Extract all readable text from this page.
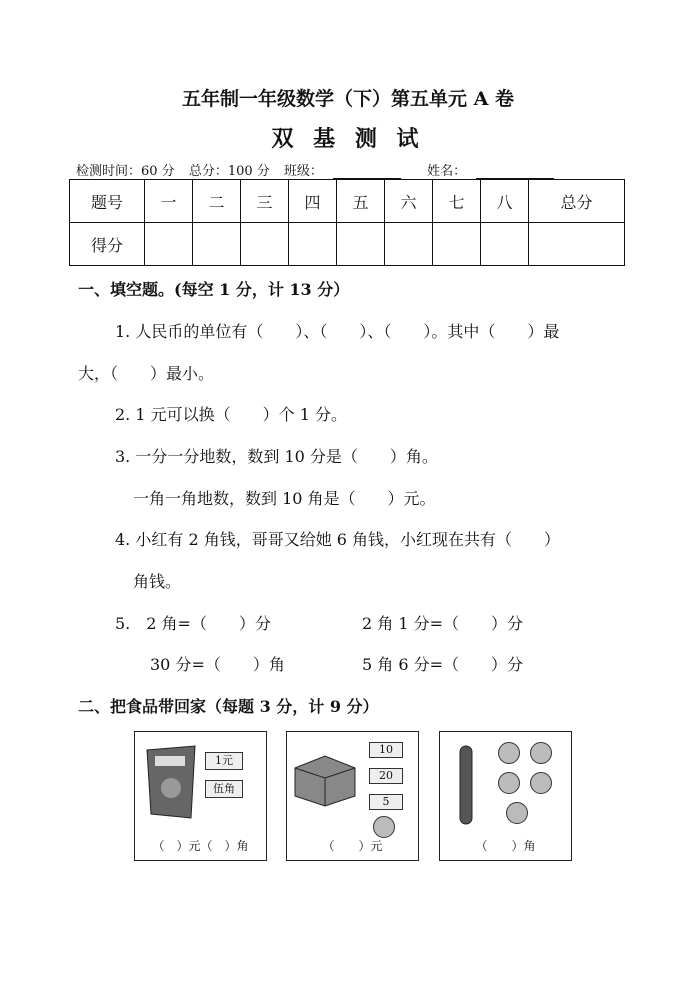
五年制一年级数学（下）第五单元 A 卷
双 基 测 试
检测时间：60 分 总分：100 分 班级：	姓名：
题号	一	二	三	四	五	六	七	八	总分
得分									
一、填空题。(每空 1 分，计 13 分）
1. 人民币的单位有（　　）、（　　）、（　　）。其中（　　）最
大，（　　）最小。
2. 1 元可以换（　　）个 1 分。
3. 一分一分地数，数到 10 分是（　　）角。
一角一角地数，数到 10 角是（　　）元。
4. 小红有 2 角钱，哥哥又给她 6 角钱，小红现在共有（　　）
角钱。
5.　2 角=（　　）分	2 角 1 分=（　　）分
30 分=（　　）角	5 角 6 分=（　　）分
二、把食品带回家（每题 3 分，计 9 分）
1元
伍角
（　）元（　）角
10
20
5
（　　）元	（　　）角
